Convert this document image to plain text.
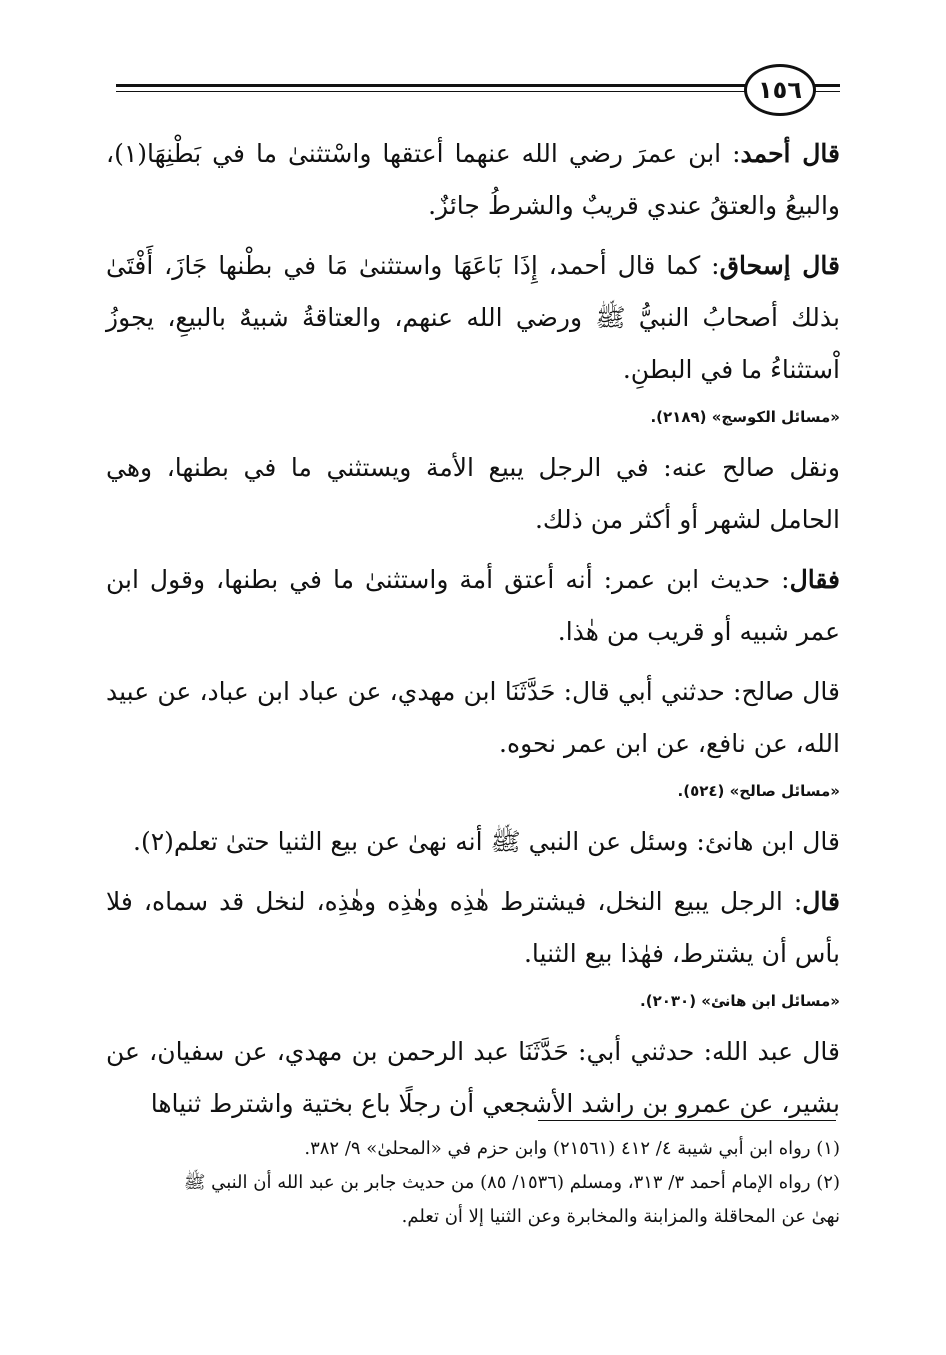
١٥٦

قال أحمد: ابن عمرَ رضي الله عنهما أعتقها واسْتثنىٰ ما في بَطْنِهَا(١)، والبيعُ والعتقُ عندي قريبٌ والشرطُ جائزٌ.

قال إسحاق: كما قال أحمد، إِذَا بَاعَهَا واستثنىٰ مَا في بطْنها جَازَ، أَفْتَىٰ بذلك أصحابُ النبيُّ ﷺ ورضي الله عنهم، والعتاقةُ شبيهٌ بالبيعِ، يجوزُ اْستثناءُ ما في البطنِ.

«مسائل الكوسج» (٢١٨٩).

ونقل صالح عنه: في الرجل يبيع الأمة ويستثني ما في بطنها، وهي الحامل لشهر أو أكثر من ذلك.

فقال: حديث ابن عمر: أنه أعتق أمة واستثنىٰ ما في بطنها، وقول ابن عمر شبيه أو قريب من هٰذا.

قال صالح: حدثني أبي قال: حَدَّثَنَا ابن مهدي، عن عباد ابن عباد، عن عبيد الله، عن نافع، عن ابن عمر نحوه.

«مسائل صالح» (٥٢٤).

قال ابن هانئ: وسئل عن النبي ﷺ أنه نهىٰ عن بيع الثنيا حتىٰ تعلم(٢).

قال: الرجل يبيع النخل، فيشترط هٰذِه وهٰذِه وهٰذِه، لنخل قد سماه، فلا بأس أن يشترط، فهٰذا بيع الثنيا.

«مسائل ابن هانئ» (٢٠٣٠).

قال عبد الله: حدثني أبي: حَدَّثَنَا عبد الرحمن بن مهدي، عن سفيان، عن بشير، عن عمرو بن راشد الأشجعي أن رجلًا باع بختية واشترط ثنياها

(١) رواه ابن أبي شيبة ٤/ ٤١٢ (٢١٥٦١) وابن حزم في «المحلىٰ» ٩/ ٣٨٢.

(٢) رواه الإمام أحمد ٣/ ٣١٣، ومسلم (١٥٣٦/ ٨٥) من حديث جابر بن عبد الله أن النبي ﷺ نهىٰ عن المحاقلة والمزابنة والمخابرة وعن الثنيا إلا أن تعلم.
